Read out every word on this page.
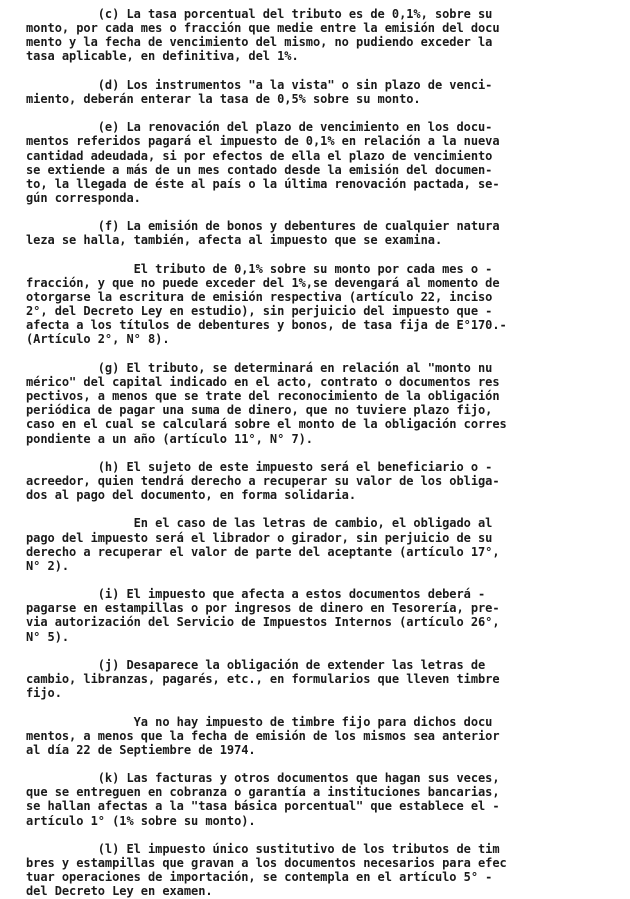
(c) La tasa porcentual del tributo es de 0,1%, sobre su
monto, por cada mes o fracción que medie entre la emisión del docu
mento y la fecha de vencimiento del mismo, no pudiendo exceder la
tasa aplicable, en definitiva, del 1%.
(d) Los instrumentos "a la vista" o sin plazo de venci-
miento, deberán enterar la tasa de 0,5% sobre su monto.
(e) La renovación del plazo de vencimiento en los docu-
mentos referidos pagará el impuesto de 0,1% en relación a la nueva
cantidad adeudada, si por efectos de ella el plazo de vencimiento
se extiende a más de un mes contado desde la emisión del documen-
to, la llegada de éste al país o la última renovación pactada, se-
gún corresponda.
(f) La emisión de bonos y debentures de cualquier natura
leza se halla, también, afecta al impuesto que se examina.
El tributo de 0,1% sobre su monto por cada mes o -
fracción, y que no puede exceder del 1%,se devengará al momento de
otorgarse la escritura de emisión respectiva (artículo 22, inciso
2°, del Decreto Ley en estudio), sin perjuicio del impuesto que -
afecta a los títulos de debentures y bonos, de tasa fija de E°170.-
(Artículo 2°, N° 8).
(g) El tributo, se determinará en relación al "monto nu
mérico" del capital indicado en el acto, contrato o documentos res
pectivos, a menos que se trate del reconocimiento de la obligación
periódica de pagar una suma de dinero, que no tuviere plazo fijo,
caso en el cual se calculará sobre el monto de la obligación corres
pondiente a un año (artículo 11°, N° 7).
(h) El sujeto de este impuesto será el beneficiario o -
acreedor, quien tendrá derecho a recuperar su valor de los obliga-
dos al pago del documento, en forma solidaria.
En el caso de las letras de cambio, el obligado al
pago del impuesto será el librador o girador, sin perjuicio de su
derecho a recuperar el valor de parte del aceptante (artículo 17°,
N° 2).
(i) El impuesto que afecta a estos documentos deberá -
pagarse en estampillas o por ingresos de dinero en Tesorería, pre-
via autorización del Servicio de Impuestos Internos (artículo 26°,
N° 5).
(j) Desaparece la obligación de extender las letras de
cambio, libranzas, pagarés, etc., en formularios que lleven timbre
fijo.
Ya no hay impuesto de timbre fijo para dichos docu
mentos, a menos que la fecha de emisión de los mismos sea anterior
al día 22 de Septiembre de 1974.
(k) Las facturas y otros documentos que hagan sus veces,
que se entreguen en cobranza o garantía a instituciones bancarias,
se hallan afectas a la "tasa básica porcentual" que establece el -
artículo 1° (1% sobre su monto).
(l) El impuesto único sustitutivo de los tributos de tim
bres y estampillas que gravan a los documentos necesarios para efec
tuar operaciones de importación, se contempla en el artículo 5° -
del Decreto Ley en examen.
